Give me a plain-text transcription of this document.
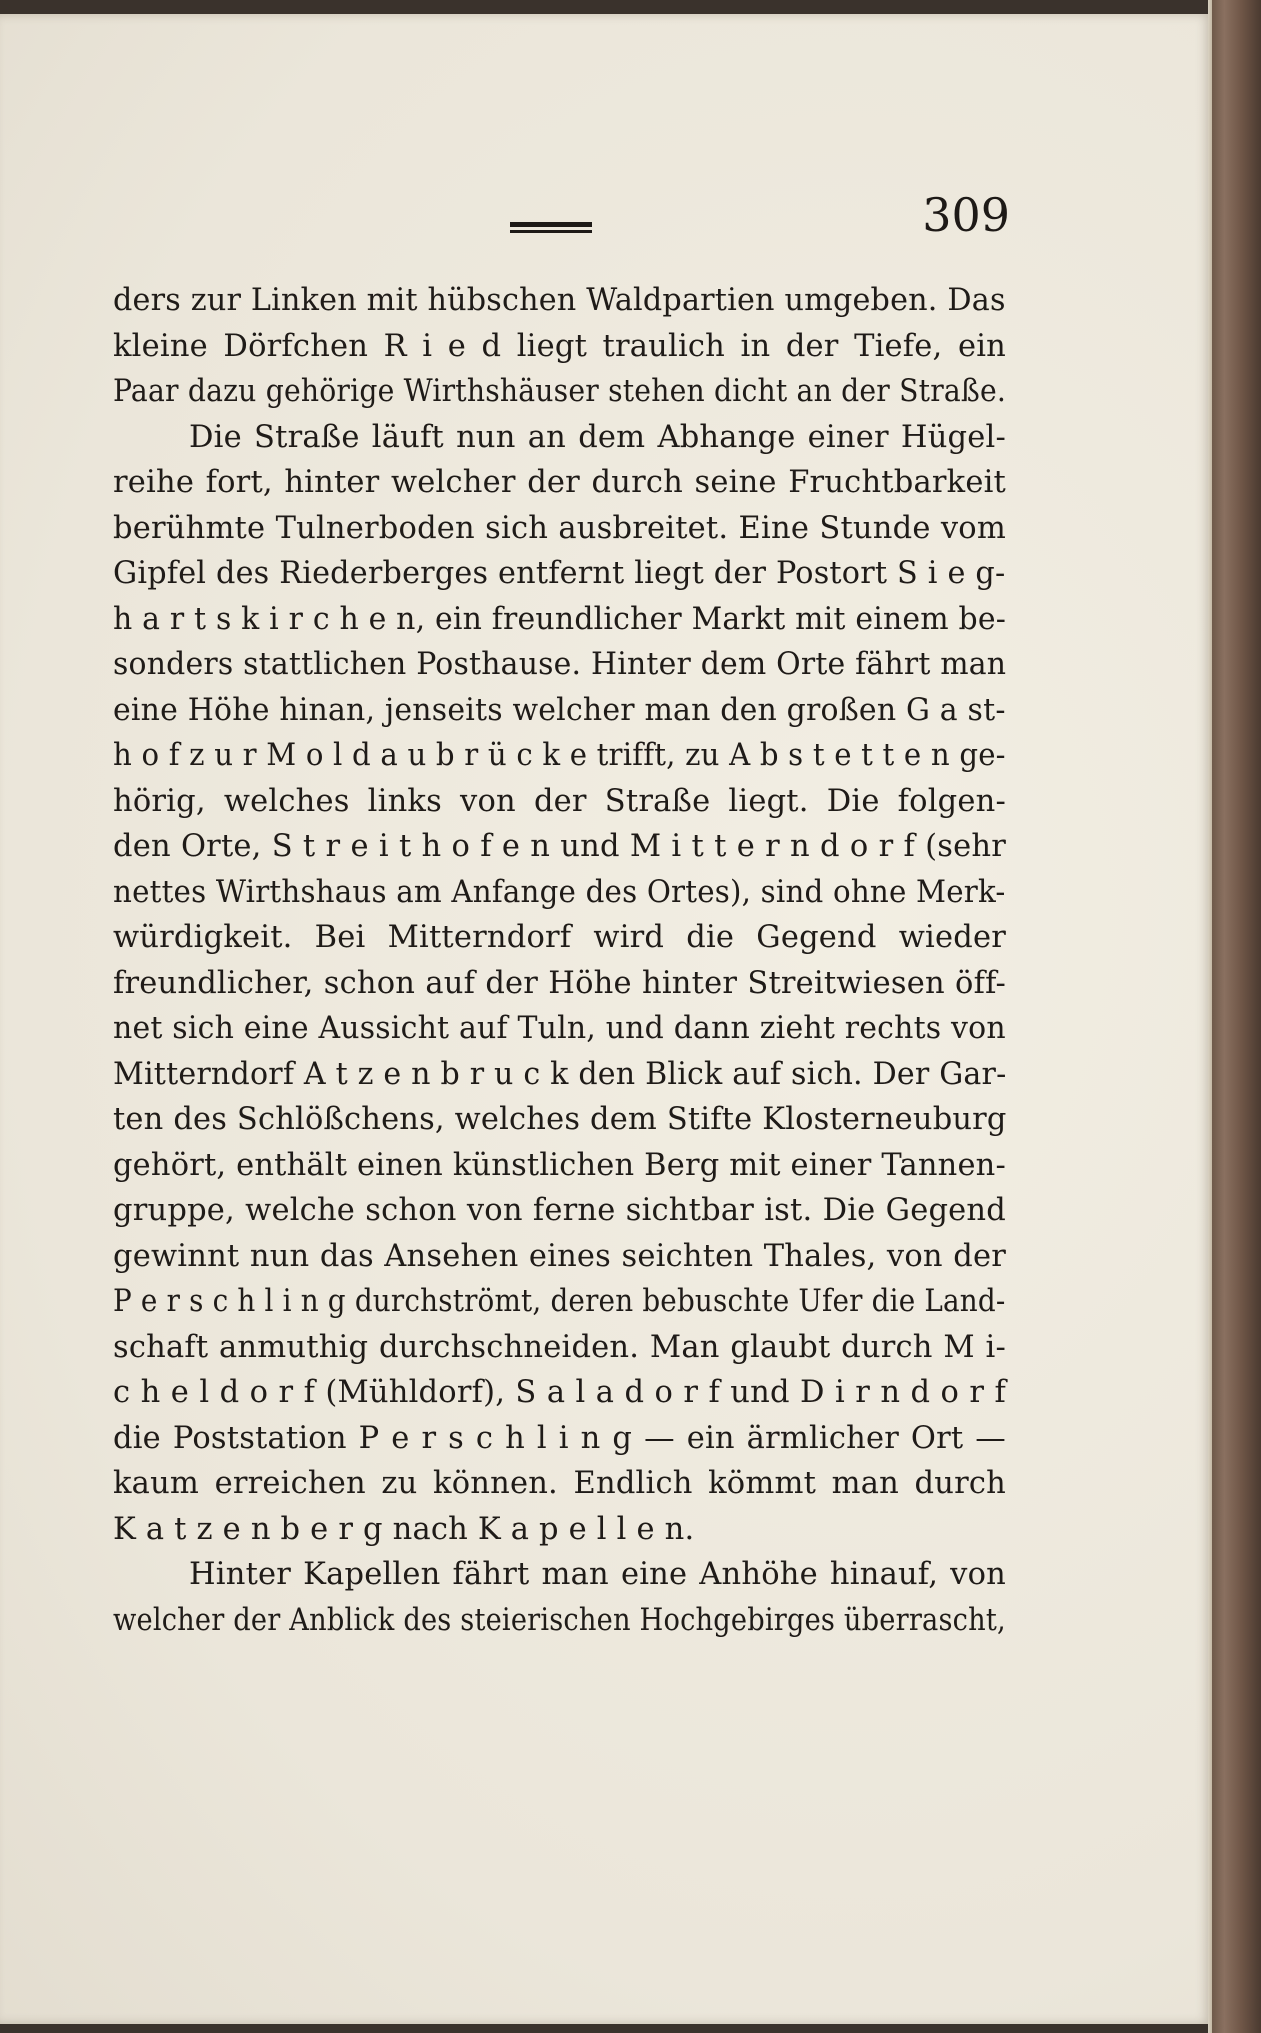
309
ders zur Linken mit hübschen Waldpartien umgeben. Das
kleine Dörfchen R i e d liegt traulich in der Tiefe, ein
Paar dazu gehörige Wirthshäuser stehen dicht an der Straße.
Die Straße läuft nun an dem Abhange einer Hügel-
reihe fort, hinter welcher der durch seine Fruchtbarkeit
berühmte Tulnerboden sich ausbreitet. Eine Stunde vom
Gipfel des Riederberges entfernt liegt der Postort S i e g-
h a r t s k i r c h e n, ein freundlicher Markt mit einem be-
sonders stattlichen Posthause. Hinter dem Orte fährt man
eine Höhe hinan, jenseits welcher man den großen G a st-
h o f z u r M o l d a u b r ü c k e trifft, zu A b s t e t t e n ge-
hörig, welches links von der Straße liegt. Die folgen-
den Orte, S t r e i t h o f e n und M i t t e r n d o r f (sehr
nettes Wirthshaus am Anfange des Ortes), sind ohne Merk-
würdigkeit. Bei Mitterndorf wird die Gegend wieder
freundlicher, schon auf der Höhe hinter Streitwiesen öff-
net sich eine Aussicht auf Tuln, und dann zieht rechts von
Mitterndorf A t z e n b r u c k den Blick auf sich. Der Gar-
ten des Schlößchens, welches dem Stifte Klosterneuburg
gehört, enthält einen künstlichen Berg mit einer Tannen-
gruppe, welche schon von ferne sichtbar ist. Die Gegend
gewinnt nun das Ansehen eines seichten Thales, von der
P e r s c h l i n g durchströmt, deren bebuschte Ufer die Land-
schaft anmuthig durchschneiden. Man glaubt durch M i-
c h e l d o r f (Mühldorf), S a l a d o r f und D i r n d o r f
die Poststation P e r s c h l i n g — ein ärmlicher Ort —
kaum erreichen zu können. Endlich kömmt man durch
K a t z e n b e r g nach K a p e l l e n.
Hinter Kapellen fährt man eine Anhöhe hinauf, von
welcher der Anblick des steierischen Hochgebirges überrascht,
